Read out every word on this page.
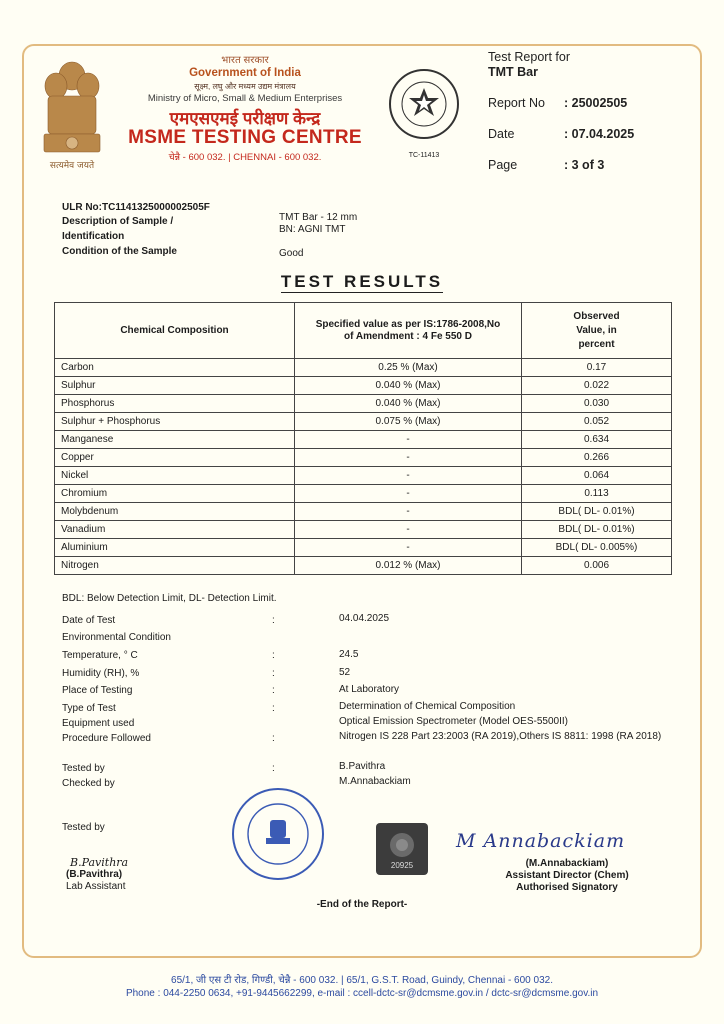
सत्यमेव जयते
भारत सरकार
Government of India
सूक्ष्म, लघु और मध्यम उद्यम मंत्रालय
Ministry of Micro, Small & Medium Enterprises
एमएसएमई परीक्षण केन्द्र
MSME TESTING CENTRE
चेन्नै - 600 032. | CHENNAI - 600 032.	TC-11413
Test Report for
TMT Bar
Report No : 25002505
Date	: 07.04.2025
Page	: 3 of 3
ULR No:TC1141325000002505F
Description of Sample /
Identification
TMT Bar - 12 mm
BN: AGNI TMT
Condition of the Sample	Good
TEST RESULTS
Chemical Composition	Specified value as per IS:1786-2008,No of Amendment : 4 Fe 550 D	Observed Value, in percent
Carbon	0.25 % (Max)	0.17
Sulphur	0.040 % (Max)	0.022
Phosphorus	0.040 % (Max)	0.030
Sulphur + Phosphorus	0.075 % (Max)	0.052
Manganese	-	0.634
Copper	-	0.266
Nickel	-	0.064
Chromium	-	0.113
Molybdenum	-	BDL( DL- 0.01%)
Vanadium	-	BDL( DL- 0.01%)
Aluminium	-	BDL( DL- 0.005%)
Nitrogen	0.012 % (Max)	0.006
BDL: Below Detection Limit, DL- Detection Limit.
Date of Test	:	04.04.2025
Environmental Condition
Temperature, ° C	:	24.5
Humidity (RH), %	:	52
Place of Testing	:	At Laboratory
Type of Test	:	Determination of Chemical Composition
Equipment used	Optical Emission Spectrometer (Model OES-5500II)
Procedure Followed	:	Nitrogen IS 228 Part 23:2003 (RA 2019),Others IS 8811: 1998 (RA 2018)
Tested by	:	B.Pavithra
Checked by	M.Annabackiam
Tested by
B.Pavithra
(B.Pavithra)
Lab Assistant
20925
M Annabackiam
(M.Annabackiam)
Assistant Director (Chem)
Authorised Signatory
-End of the Report-
65/1, जी एस टी रोड, गिण्डी, चेन्नै - 600 032. | 65/1, G.S.T. Road, Guindy, Chennai - 600 032.
Phone : 044-2250 0634, +91-9445662299, e-mail : ccell-dctc-sr@dcmsme.gov.in / dctc-sr@dcmsme.gov.in
